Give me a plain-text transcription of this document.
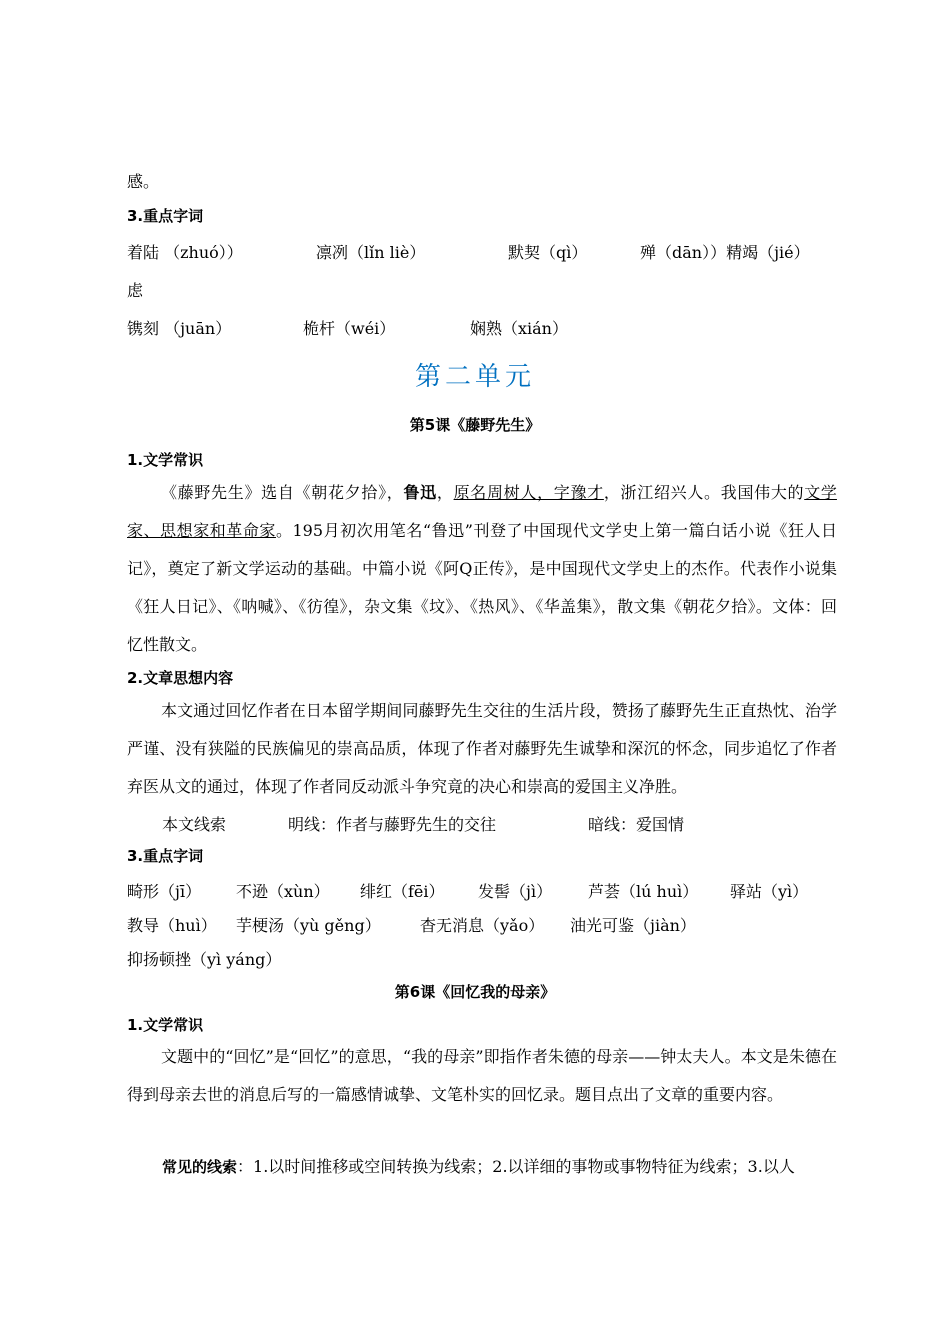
感。
3.重点字词
着陆 （zhuó））	凛冽（lǐn liè）	默契（qì）	殚（dān））精竭（jié）
虑
镌刻 （juān）	桅杆（wéi）	娴熟（xián）
第二单元
第5课《藤野先生》
1.文学常识

《藤野先生》选自《朝花夕拾》，鲁迅，原名周树人，字豫才，浙江绍兴人。我国伟大的文学家、思想家和革命家。195月初次用笔名“鲁迅”刊登了中国现代文学史上第一篇白话小说《狂人日记》，奠定了新文学运动的基础。中篇小说《阿Q正传》，是中国现代文学史上的杰作。代表作小说集《狂人日记》、《呐喊》、《彷徨》，杂文集《坟》、《热风》、《华盖集》，散文集《朝花夕拾》。文体：回忆性散文。

2.文章思想内容

本文通过回忆作者在日本留学期间同藤野先生交往的生活片段，赞扬了藤野先生正直热忱、治学严谨、没有狭隘的民族偏见的崇高品质，体现了作者对藤野先生诚挚和深沉的怀念，同步追忆了作者弃医从文的通过，体现了作者同反动派斗争究竟的决心和崇高的爱国主义净胜。

本文线索	明线：作者与藤野先生的交往	暗线：爱国情
3.重点字词
畸形（jī） 不逊（xùn） 绯红（fēi） 发髻（jì） 芦荟（lú huì） 驿站（yì）
教导（huì） 芋梗汤（yù gěng） 杳无消息（yǎo） 油光可鉴（jiàn）
抑扬顿挫（yì yáng）
第6课《回忆我的母亲》
1.文学常识

文题中的“回忆”是“回忆”的意思，“我的母亲”即指作者朱德的母亲——钟太夫人。本文是朱德在得到母亲去世的消息后写的一篇感情诚挚、文笔朴实的回忆录。题目点出了文章的重要内容。

常见的线索：1.以时间推移或空间转换为线索；2.以详细的事物或事物特征为线索；3.以人
